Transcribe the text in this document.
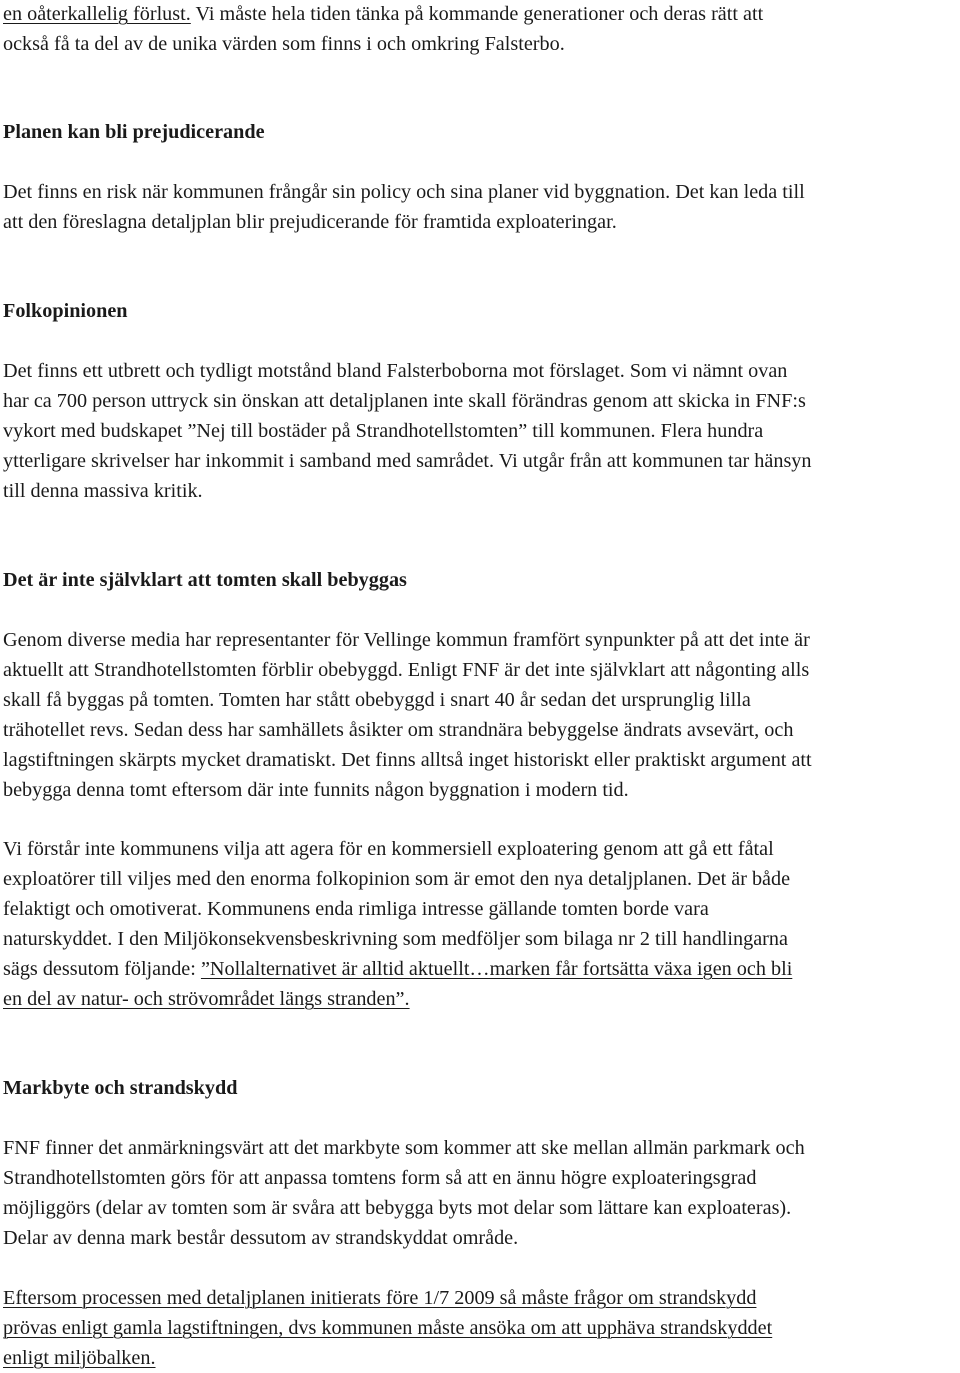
en oåterkallelig förlust. Vi måste hela tiden tänka på kommande generationer och deras rätt att
också få ta del av de unika värden som finns i och omkring Falsterbo.
Planen kan bli prejudicerande
Det finns en risk när kommunen frångår sin policy och sina planer vid byggnation. Det kan leda till
att den föreslagna detaljplan blir prejudicerande för framtida exploateringar.
Folkopinionen
Det finns ett utbrett och tydligt motstånd bland Falsterboborna mot förslaget. Som vi nämnt ovan
har ca 700 person uttryck sin önskan att detaljplanen inte skall förändras genom att skicka in FNF:s
vykort med budskapet ”Nej till bostäder på Strandhotellstomten” till kommunen. Flera hundra
ytterligare skrivelser har inkommit i samband med samrådet. Vi utgår från att kommunen tar hänsyn
till denna massiva kritik.
Det är inte självklart att tomten skall bebyggas
Genom diverse media har representanter för Vellinge kommun framfört synpunkter på att det inte är
aktuellt att Strandhotellstomten förblir obebyggd. Enligt FNF är det inte självklart att någonting alls
skall få byggas på tomten. Tomten har stått obebyggd i snart 40 år sedan det ursprunglig lilla
trähotellet revs. Sedan dess har samhällets åsikter om strandnära bebyggelse ändrats avsevärt, och
lagstiftningen skärpts mycket dramatiskt. Det finns alltså inget historiskt eller praktiskt argument att
bebygga denna tomt eftersom där inte funnits någon byggnation i modern tid.
Vi förstår inte kommunens vilja att agera för en kommersiell exploatering genom att gå ett fåtal
exploatörer till viljes med den enorma folkopinion som är emot den nya detaljplanen. Det är både
felaktigt och omotiverat. Kommunens enda rimliga intresse gällande tomten borde vara
naturskyddet. I den Miljökonsekvensbeskrivning som medföljer som bilaga nr 2 till handlingarna
sägs dessutom följande: ”Nollalternativet är alltid aktuellt…marken får fortsätta växa igen och bli
en del av natur- och strövområdet längs stranden”.
Markbyte och strandskydd
FNF finner det anmärkningsvärt att det markbyte som kommer att ske mellan allmän parkmark och
Strandhotellstomten görs för att anpassa tomtens form så att en ännu högre exploateringsgrad
möjliggörs (delar av tomten som är svåra att bebygga byts mot delar som lättare kan exploateras).
Delar av denna mark består dessutom av strandskyddat område.
Eftersom processen med detaljplanen initierats före 1/7 2009 så måste frågor om strandskydd
prövas enligt gamla lagstiftningen, dvs kommunen måste ansöka om att upphäva strandskyddet
enligt miljöbalken.
